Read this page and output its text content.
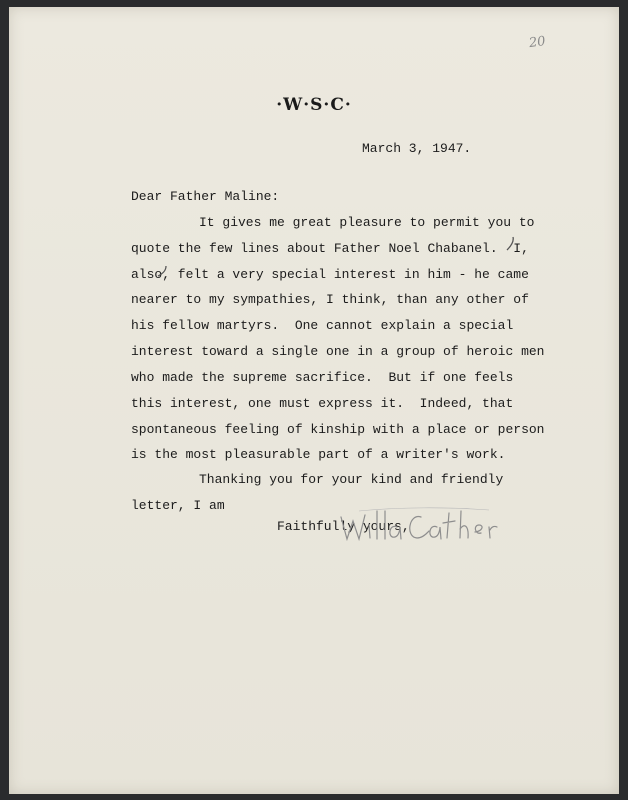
20
·W·S·C·
March 3, 1947.
Dear Father Maline:
It gives me great pleasure to permit you to
quote the few lines about Father Noel Chabanel.  I,
also, felt a very special interest in him - he came
nearer to my sympathies, I think, than any other of
his fellow martyrs.  One cannot explain a special
interest toward a single one in a group of heroic men
who made the supreme sacrifice.  But if one feels
this interest, one must express it.  Indeed, that
spontaneous feeling of kinship with a place or person
is the most pleasurable part of a writer's work.
Thanking you for your kind and friendly
letter, I am
Faithfully yours,
